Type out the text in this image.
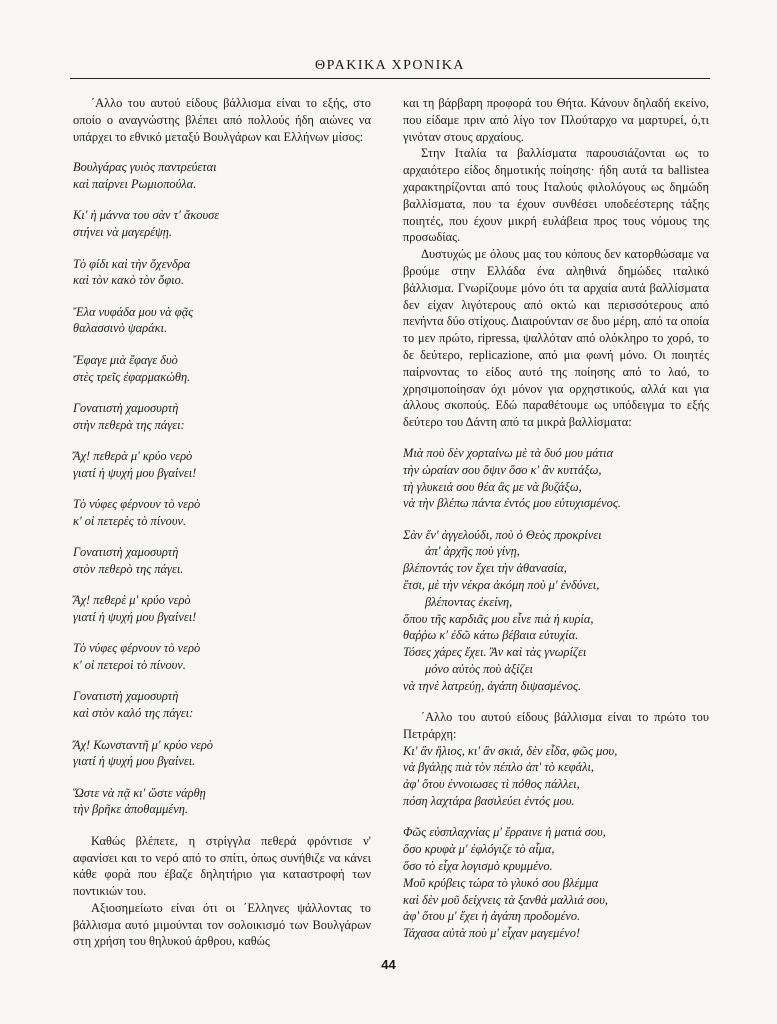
ΘΡΑΚΙΚΑ ΧΡΟΝΙΚΑ

΄Αλλο του αυτού είδους βάλλισμα είναι το εξής, στο οποίο ο αναγνώστης βλέπει από πολλούς ήδη αιώνες να υπάρχει το εθνικό μεταξύ Βουλγάρων και Ελλήνων μίσος:

Βουλγάρας γυιὸς παντρεύεται
καὶ παίρνει Ρωμιοπούλα.
Κι' ἡ μάννα του σὰν τ' ἄκουσε
στήνει νὰ μαγερέψῃ.
Τὸ φίδι καὶ τὴν ὄχενδρα
καὶ τὸν κακὸ τὸν ὄφιο.
Ἔλα νυφάδα μου νὰ φᾷς
θαλασσινὸ ψαράκι.
Ἔφαγε μιὰ ἔφαγε δυὸ
στὲς τρεῖς ἐφαρμακώθη.
Γονατιστὴ χαμοσυρτὴ
στὴν πεθερὰ της πάγει:
Ἄχ! πεθερὰ μ' κρύο νερὸ
γιατί ἡ ψυχή μου βγαίνει!
Τὸ νύφες φέρνουν τὸ νερὸ
κ' οἱ πετερὲς τὸ πίνουν.
Γονατιστὴ χαμοσυρτὴ
στὸν πεθερὸ της πάγει.
Ἄχ! πεθερὲ μ' κρύο νερὸ
γιατί ἡ ψυχή μου βγαίνει!
Τὸ νύφες φέρνουν τὸ νερὸ
κ' οἱ πετεροὶ τὸ πίνουν.
Γονατιστὴ χαμοσυρτὴ
καὶ στὸν καλό της πάγει:
Ἄχ! Κωνσταντῆ μ' κρύο νερὸ
γιατί ἡ ψυχή μου βγαίνει.
Ὥστε νὰ πᾷ κι' ὥστε νάρθῃ
τὴν βρῆκε ἀποθαμμένη.

Καθώς βλέπετε, η στρίγγλα πεθερά φρόντισε ν' αφανίσει και το νερό από το σπίτι, όπως συνήθιζε να κάνει κάθε φορά που έβαζε δηλητήριο για καταστροφή των ποντικιών του.

Αξιοσημείωτο είναι ότι οι ΄Ελληνες ψάλλοντας το βάλλισμα αυτό μιμούνται τον σολοικισμό των Βουλγάρων στη χρήση του θηλυκού άρθρου, καθώς

και τη βάρβαρη προφορά του Θήτα. Κάνουν δηλαδή εκείνο, που είδαμε πριν από λίγο τον Πλούταρχο να μαρτυρεί, ό,τι γινόταν στους αρχαίους.

Στην Ιταλία τα βαλλίσματα παρουσιάζονται ως το αρχαιότερο είδος δημοτικής ποίησης· ήδη αυτά τα ballistea χαρακτηρίζονται από τους Ιταλούς φιλολόγους ως δημώδη βαλλίσματα, που τα έχουν συνθέσει υποδεέστερης τάξης ποιητές, που έχουν μικρή ευλάβεια προς τους νόμους της προσωδίας.

Δυστυχώς με όλους μας του κόπους δεν κατορθώσαμε να βρούμε στην Ελλάδα ένα αληθινά δημώδες ιταλικό βάλλισμα. Γνωρίζουμε μόνο ότι τα αρχαία αυτά βαλλίσματα δεν είχαν λιγότερους από οκτώ και περισσότερους από πενήντα δύο στίχους. Διαιρούνταν σε δυο μέρη, από τα οποία το μεν πρώτο, ripressa, ψαλλόταν από ολόκληρο το χορό, το δε δεύτερο, replicazione, από μια φωνή μόνο. Οι ποιητές παίρνοντας το είδος αυτό της ποίησης από το λαό, το χρησιμοποίησαν όχι μόνον για ορχηστικούς, αλλά και για άλλους σκοπούς. Εδώ παραθέτουμε ως υπόδειγμα το εξής δεύτερο του Δάντη από τα μικρά βαλλίσματα:

Μιὰ ποὺ δὲν χορταίνω μὲ τὰ δυό μου μάτια
τὴν ὡραίαν σου ὄψιν ὅσο κ' ἂν κυττάξω,
τὴ γλυκειά σου θέα ἂς με νὰ βυζάξω,
νὰ τὴν βλέπω πάντα ἐντός μου εὐτυχισμένος.
Σὰν ἕν' ἀγγελούδι, ποὺ ὁ Θεὸς προκρίνει
ἀπ' ἀρχῆς ποὺ γίνῃ,
βλέποντάς τον ἔχει τὴν ἀθανασία,
ἔτσι, μὲ τὴν νέκρα ἀκόμη ποὺ μ' ἐνδύνει,
βλέποντας ἐκείνη,
ὅπου τῆς καρδιᾶς μου εἶνε πιὰ ἡ κυρία,
θαῤῥω κ' ἐδῶ κάτω βέβαια εὐτυχία.
Τόσες χάρες ἔχει. Ἂν καὶ τὰς γνωρίζει
μόνο αὐτὸς ποὺ ἀξίζει
νὰ τηνὲ λατρεύῃ, ἀγάπη διψασμένος.

΄Αλλο του αυτού είδους βάλλισμα είναι το πρώτο του Πετράρχη:

Κι' ἂν ἥλιος, κι' ἂν σκιά, δὲν εἶδα, φῶς μου,
νὰ βγάλῃς πιὰ τὸν πέπλο ἀπ' τὸ κεφάλι,
ἀφ' ὅτου ἐννοιωσες τὶ πόθος πάλλει,
πόση λαχτάρα βασιλεύει ἐντός μου.
Φῶς εὐσπλαχνίας μ' ἔρραινε ἡ ματιά σου,
ὅσο κρυφὰ μ' ἐφλόγιζε τὸ αἷμα,
ὅσο τὸ εἶχα λογισμὸ κρυμμένο.
Μοῦ κρύβεις τώρα τὸ γλυκό σου βλέμμα
καὶ δὲν μοῦ δείχνεις τὰ ξανθὰ μαλλιά σου,
ἀφ' ὅτου μ' ἔχει ἡ ἀγάπη προδομένο.
Τάχασα αὐτὰ ποὺ μ' εἶχαν μαγεμένο!
44
